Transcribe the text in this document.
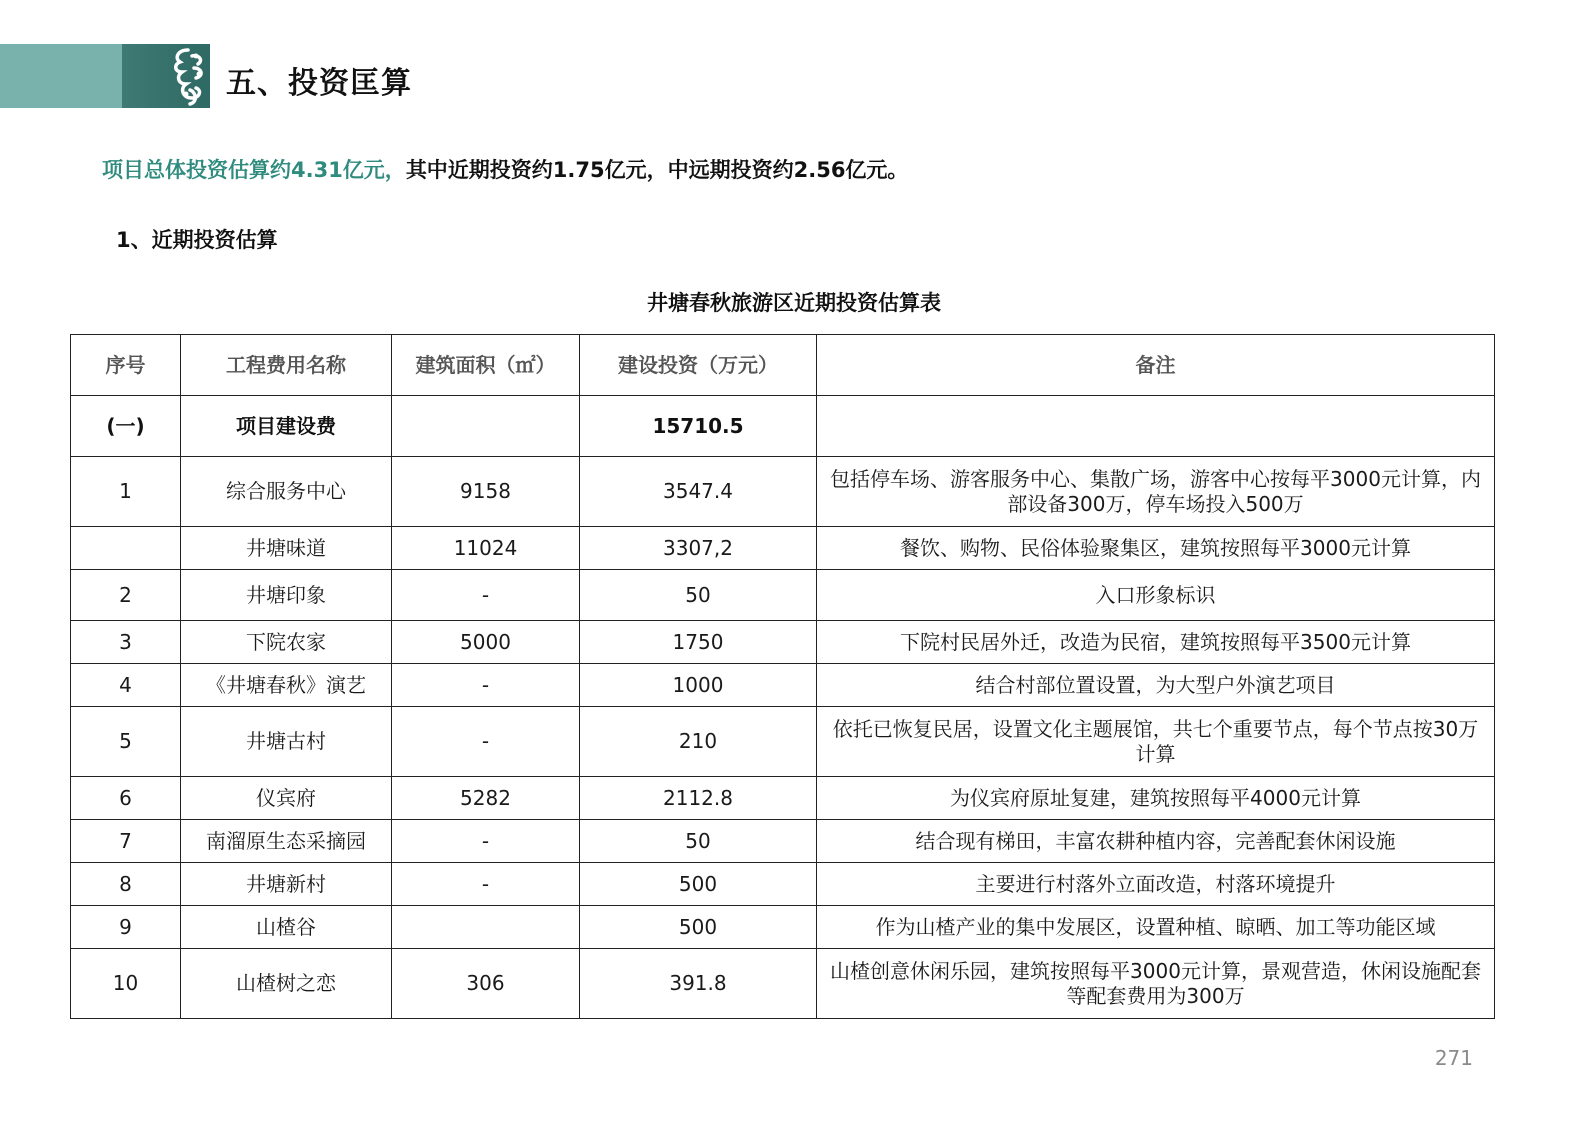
五、投资匡算
项目总体投资估算约4.31亿元，其中近期投资约1.75亿元，中远期投资约2.56亿元。
1、近期投资估算
井塘春秋旅游区近期投资估算表
序号	工程费用名称	建筑面积（㎡）	建设投资（万元）	备注
(一)	项目建设费		15710.5	
1	综合服务中心	9158	3547.4	包括停车场、游客服务中心、集散广场，游客中心按每平3000元计算，内部设备300万，停车场投入500万
	井塘味道	11024	3307,2	餐饮、购物、民俗体验聚集区，建筑按照每平3000元计算
2	井塘印象	-	50	入口形象标识
3	下院农家	5000	1750	下院村民居外迁，改造为民宿，建筑按照每平3500元计算
4	《井塘春秋》演艺	-	1000	结合村部位置设置，为大型户外演艺项目
5	井塘古村	-	210	依托已恢复民居，设置文化主题展馆，共七个重要节点，每个节点按30万计算
6	仪宾府	5282	2112.8	为仪宾府原址复建，建筑按照每平4000元计算
7	南溜原生态采摘园	-	50	结合现有梯田，丰富农耕种植内容，完善配套休闲设施
8	井塘新村	-	500	主要进行村落外立面改造，村落环境提升
9	山楂谷		500	作为山楂产业的集中发展区，设置种植、晾晒、加工等功能区域
10	山楂树之恋	306	391.8	山楂创意休闲乐园，建筑按照每平3000元计算，景观营造，休闲设施配套等配套费用为300万
271
